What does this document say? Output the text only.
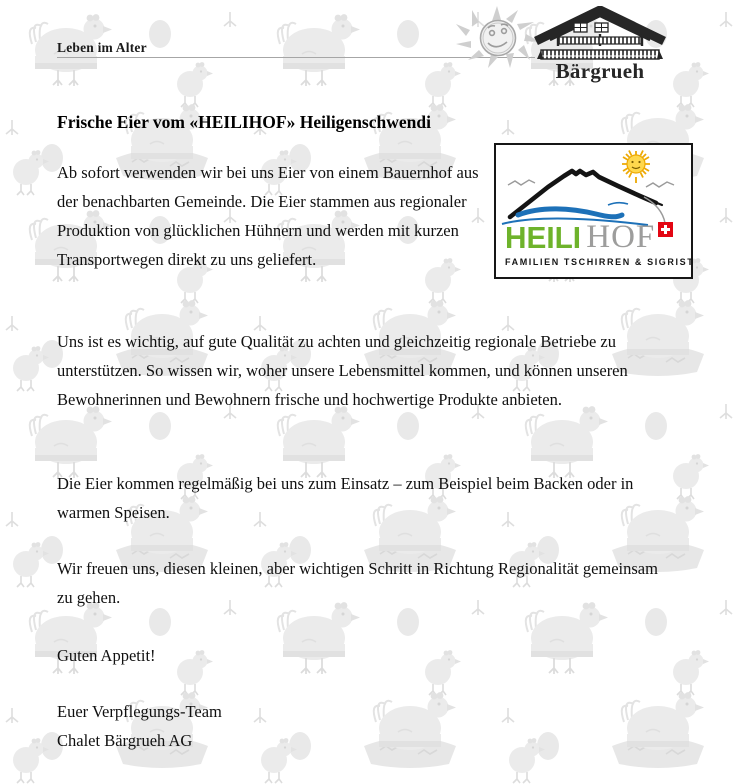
Leben im Alter
Bärgrueh
Frische Eier vom «HEILIHOF» Heiligenschwendi
HEILI HOF
FAMILIEN TSCHIRREN & SIGRIST

Ab sofort verwenden wir bei uns Eier von einem Bauernhof aus der benachbarten Gemeinde. Die Eier stammen aus regionaler Produktion von glücklichen Hühnern und werden mit kurzen Transportwegen direkt zu uns geliefert.

Uns ist es wichtig, auf gute Qualität zu achten und gleichzeitig regionale Betriebe zu unterstützen. So wissen wir, woher unsere Lebensmittel kommen, und können unseren Bewohnerinnen und Bewohnern frische und hochwertige Produkte anbieten.

Die Eier kommen regelmäßig bei uns zum Einsatz – zum Beispiel beim Backen oder in warmen Speisen.

Wir freuen uns, diesen kleinen, aber wichtigen Schritt in Richtung Regionalität gemeinsam zu gehen.

Guten Appetit!

Euer Verpflegungs-Team
Chalet Bärgrueh AG
